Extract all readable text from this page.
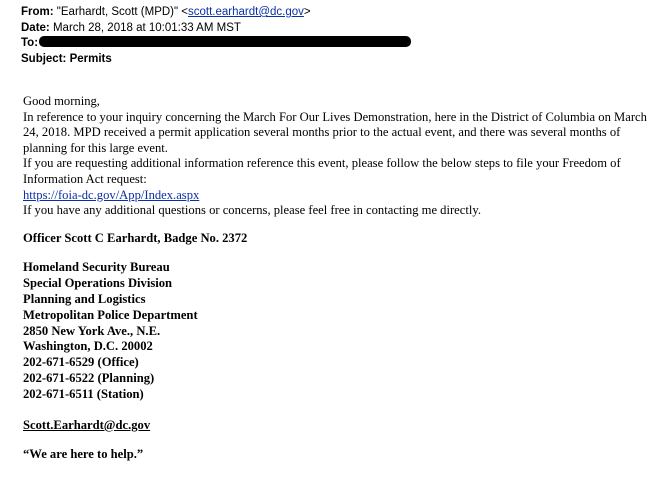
From: "Earhardt, Scott (MPD)" <scott.earhardt@dc.gov>
Date: March 28, 2018 at 10:01:33 AM MST
To:
Subject: Permits

Good morning,

In reference to your inquiry concerning the March For Our Lives Demonstration, here in the District of Columbia on March 24, 2018. MPD received a permit application several months prior to the actual event, and there was several months of planning for this large event.

If you are requesting additional information reference this event, please follow the below steps to file your Freedom of Information Act request:

https://foia-dc.gov/App/Index.aspx

If you have any additional questions or concerns, please feel free in contacting me directly.

Officer Scott C Earhardt, Badge No. 2372

Homeland Security Bureau
Special Operations Division
Planning and Logistics
Metropolitan Police Department
2850 New York Ave., N.E.
Washington, D.C. 20002
202-671-6529 (Office)
202-671-6522 (Planning)
202-671-6511 (Station)

Scott.Earhardt@dc.gov

“We are here to help.”
